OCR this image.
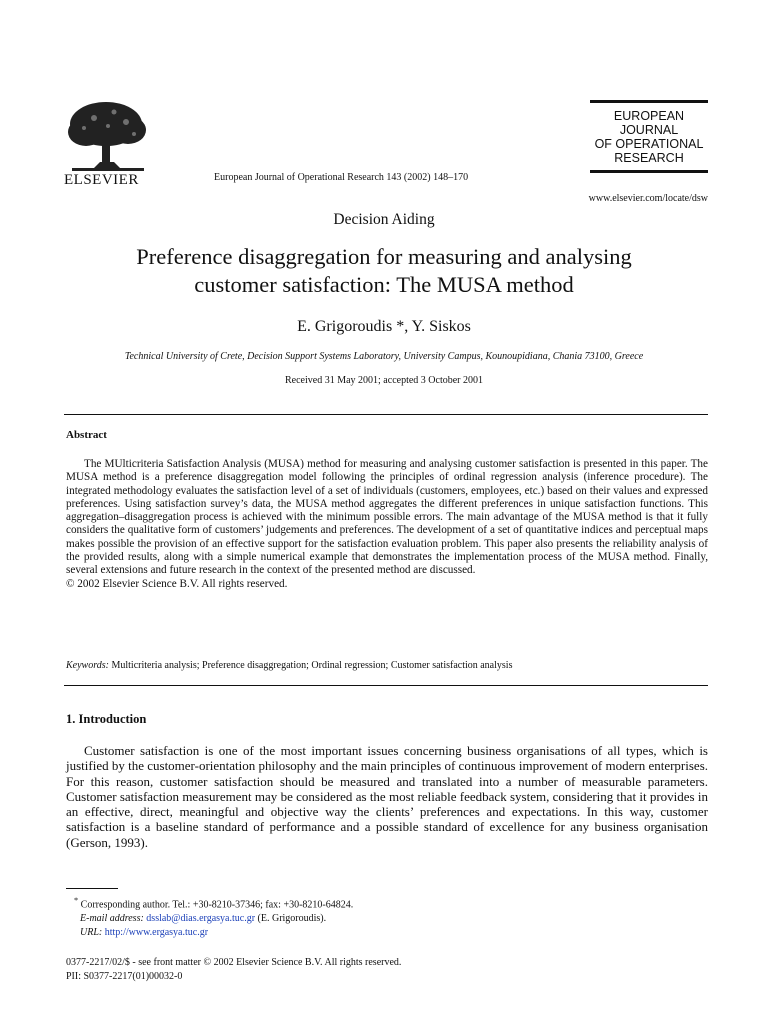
ELSEVIER	European Journal of Operational Research 143 (2002) 148–170
EUROPEAN
JOURNAL
OF OPERATIONAL
RESEARCH
www.elsevier.com/locate/dsw
Decision Aiding
Preference disaggregation for measuring and analysing
customer satisfaction: The MUSA method
E. Grigoroudis *, Y. Siskos
Technical University of Crete, Decision Support Systems Laboratory, University Campus, Kounoupidiana, Chania 73100, Greece
Received 31 May 2001; accepted 3 October 2001
Abstract

The MUlticriteria Satisfaction Analysis (MUSA) method for measuring and analysing customer satisfaction is presented in this paper. The MUSA method is a preference disaggregation model following the principles of ordinal regression analysis (inference procedure). The integrated methodology evaluates the satisfaction level of a set of individuals (customers, employees, etc.) based on their values and expressed preferences. Using satisfaction survey’s data, the MUSA method aggregates the different preferences in unique satisfaction functions. This aggregation–disaggregation process is achieved with the minimum possible errors. The main advantage of the MUSA method is that it fully considers the qualitative form of customers’ judgements and preferences. The development of a set of quantitative indices and perceptual maps makes possible the provision of an effective support for the satisfaction evaluation problem. This paper also presents the reliability analysis of the provided results, along with a simple numerical example that demonstrates the implementation process of the MUSA method. Finally, several extensions and future research in the context of the presented method are discussed.

© 2002 Elsevier Science B.V. All rights reserved.

Keywords: Multicriteria analysis; Preference disaggregation; Ordinal regression; Customer satisfaction analysis
1. Introduction

Customer satisfaction is one of the most important issues concerning business organisations of all types, which is justified by the customer-orientation philosophy and the main principles of continuous improvement of modern enterprises. For this reason, customer satisfaction should be measured and translated into a number of measurable parameters. Customer satisfaction measurement may be considered as the most reliable feedback system, considering that it provides in an effective, direct, meaningful and objective way the clients’ preferences and expectations. In this way, customer satisfaction is a baseline standard of performance and a possible standard of excellence for any business organisation (Gerson, 1993).

* Corresponding author. Tel.: +30-8210-37346; fax: +30-8210-64824.
E-mail address: dsslab@dias.ergasya.tuc.gr (E. Grigoroudis).
URL: http://www.ergasya.tuc.gr
0377-2217/02/$ - see front matter © 2002 Elsevier Science B.V. All rights reserved.
PII: S0377-2217(01)00032-0
